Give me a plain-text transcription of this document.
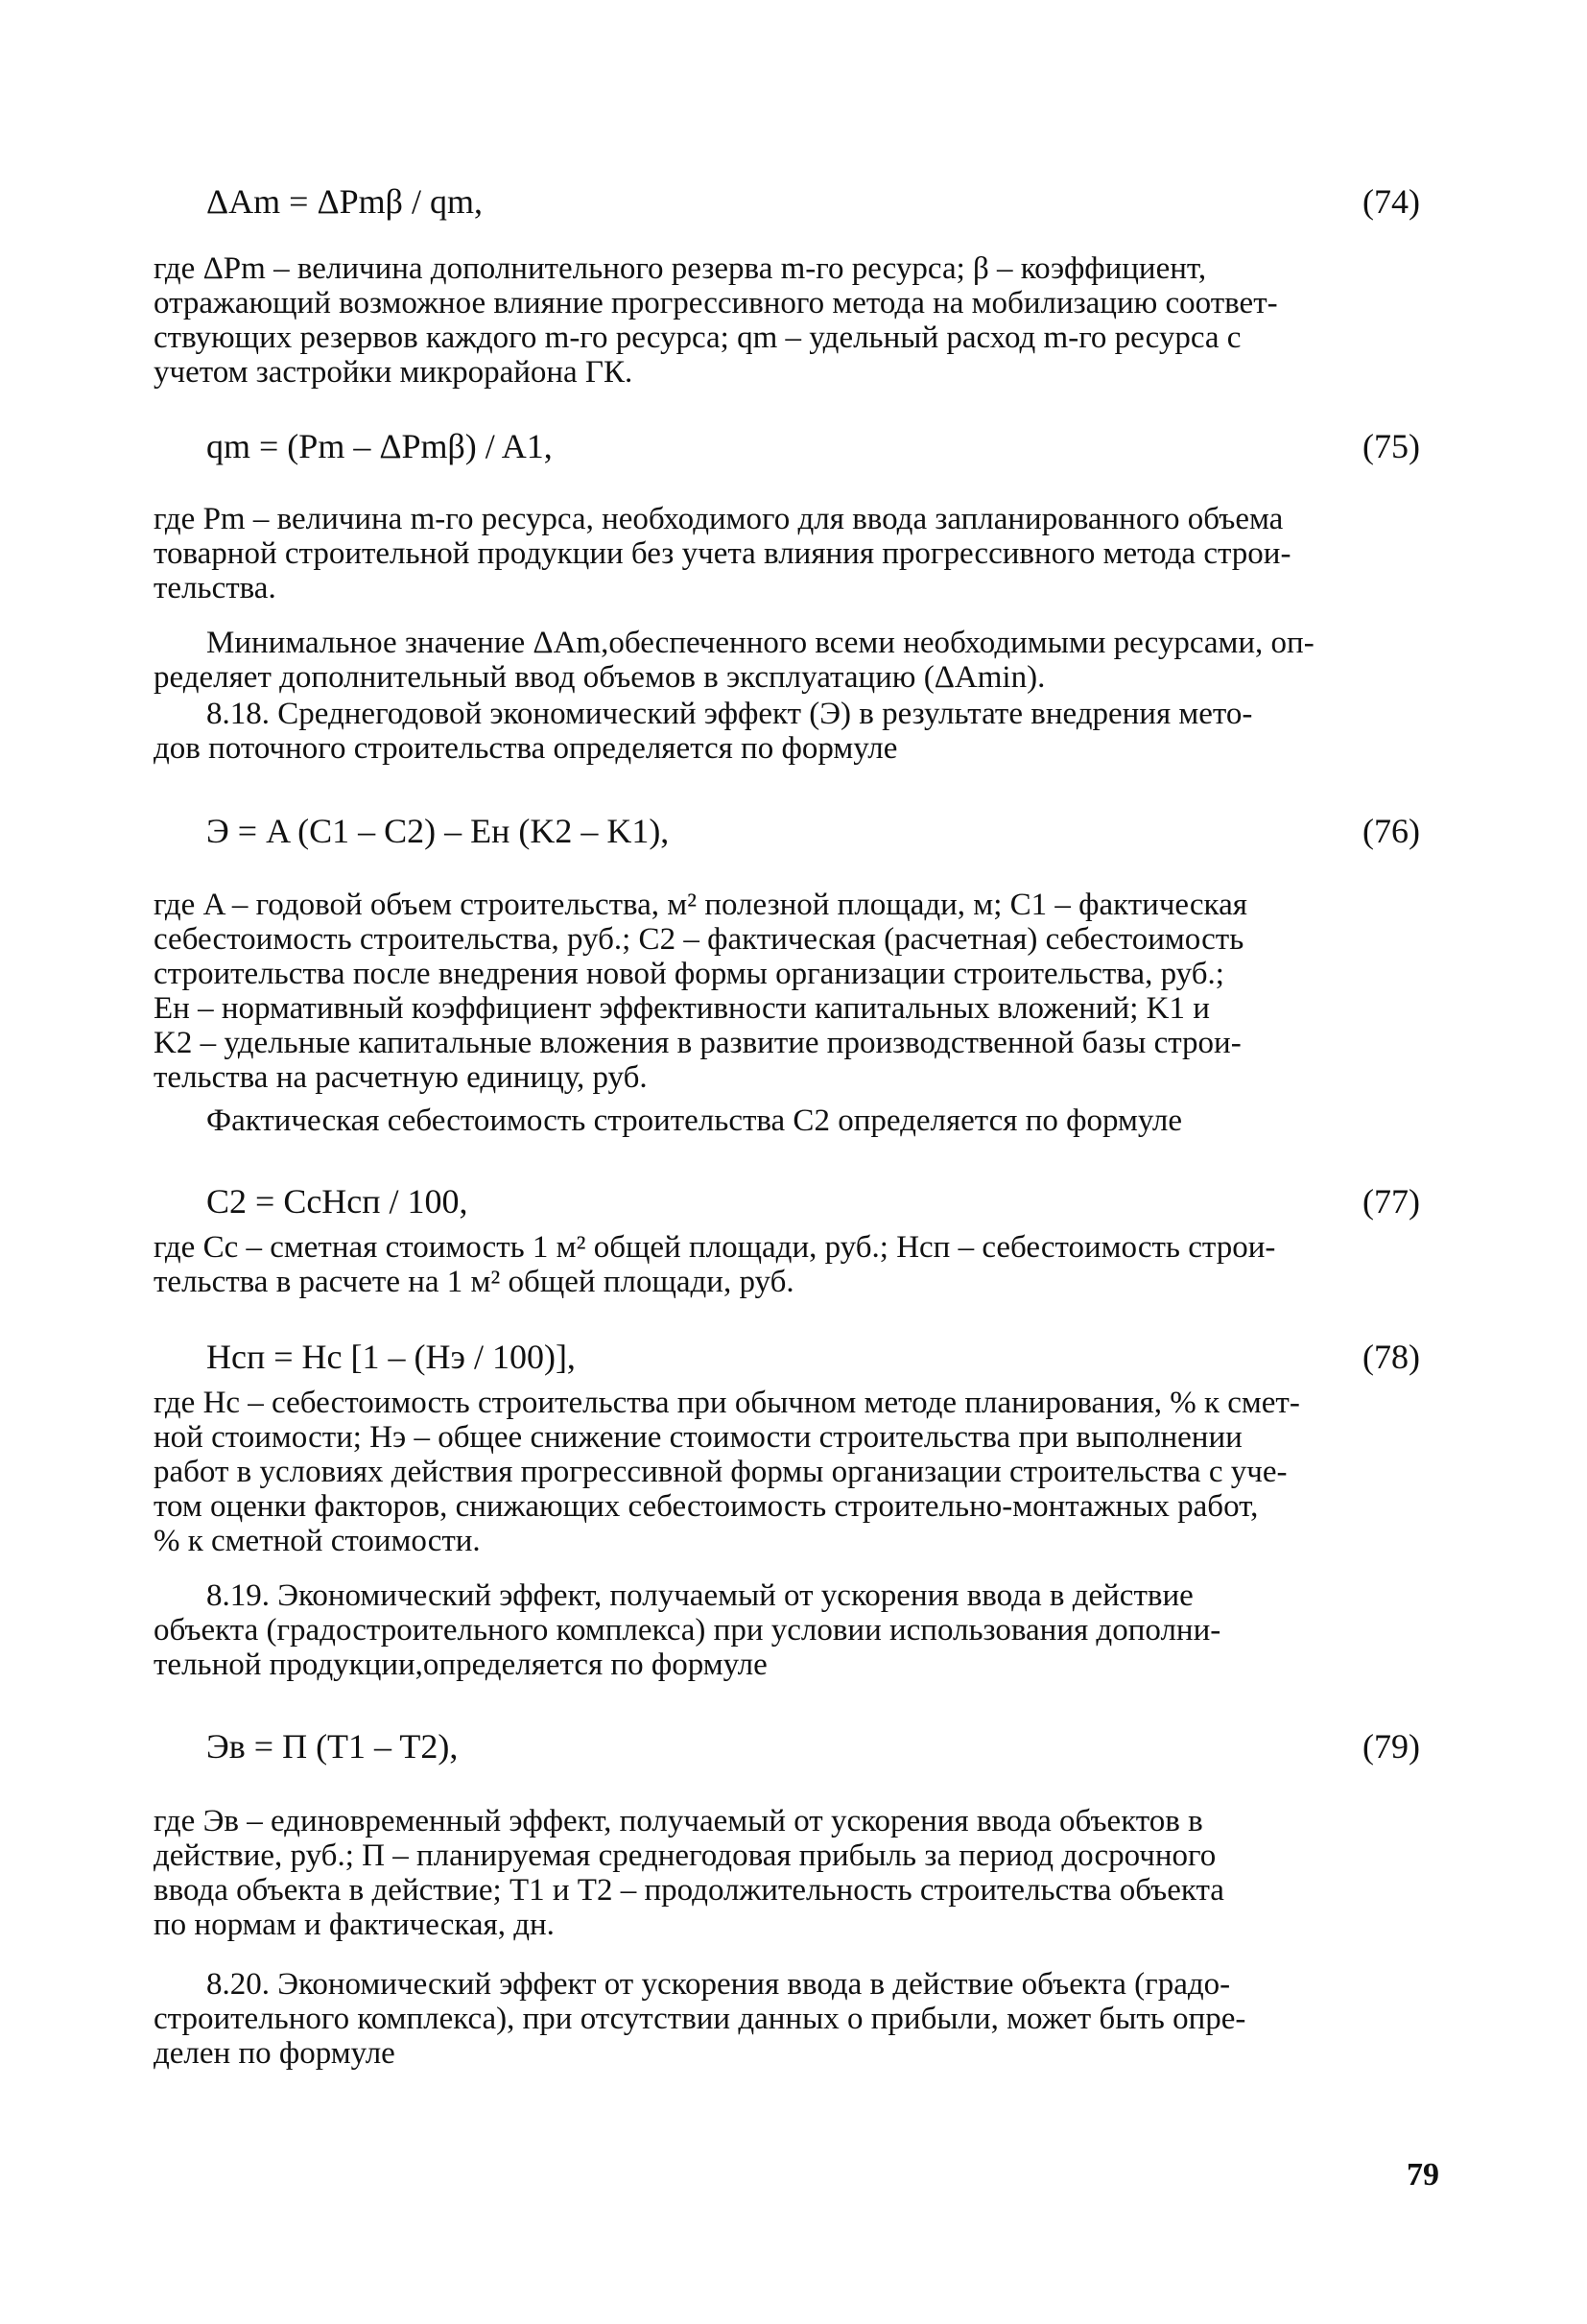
ΔAm = ΔPmβ / qm,	(74)

где ΔPm – величина дополнительного резерва m-го ресурса; β – коэффициент,
отражающий возможное влияние прогрессивного метода на мобилизацию соответ-
ствующих резервов каждого m-го ресурса; qm – удельный расход m-го ресурса с
учетом застройки микрорайона ГК.

qm = (Pm – ΔPmβ) / A1,	(75)

где Pm – величина m-го ресурса, необходимого для ввода запланированного объема
товарной строительной продукции без учета влияния прогрессивного метода строи-
тельства.

Минимальное значение ΔAm,обеспеченного всеми необходимыми ресурсами, оп-
ределяет дополнительный ввод объемов в эксплуатацию (ΔAmin).

8.18. Среднегодовой экономический эффект (Э) в результате внедрения мето-
дов поточного строительства определяется по формуле

Э = A (C1 – C2) – Eн (K2 – K1),	(76)

где A – годовой объем строительства, м² полезной площади, м; C1 – фактическая
себестоимость строительства, руб.; C2 – фактическая (расчетная) себестоимость
строительства после внедрения новой формы организации строительства, руб.;
Eн – нормативный коэффициент эффективности капитальных вложений; K1 и
K2 – удельные капитальные вложения в развитие производственной базы строи-
тельства на расчетную единицу, руб.

Фактическая себестоимость строительства C2 определяется по формуле

C2 = CсHсп / 100,	(77)

где Cс – сметная стоимость 1 м² общей площади, руб.; Hсп – себестоимость строи-
тельства в расчете на 1 м² общей площади, руб.

Hсп = Hс [1 – (Hэ / 100)],	(78)

где Hс – себестоимость строительства при обычном методе планирования, % к смет-
ной стоимости; Hэ – общее снижение стоимости строительства при выполнении
работ в условиях действия прогрессивной формы организации строительства с уче-
том оценки факторов, снижающих себестоимость строительно-монтажных работ,
% к сметной стоимости.

8.19. Экономический эффект, получаемый от ускорения ввода в действие
объекта (градостроительного комплекса) при условии использования дополни-
тельной продукции,определяется по формуле

Эв = П (T1 – T2),	(79)

где Эв – единовременный эффект, получаемый от ускорения ввода объектов в
действие, руб.; П – планируемая среднегодовая прибыль за период досрочного
ввода объекта в действие; T1 и T2 – продолжительность строительства объекта
по нормам и фактическая, дн.

8.20. Экономический эффект от ускорения ввода в действие объекта (градо-
строительного комплекса), при отсутствии данных о прибыли, может быть опре-
делен по формуле

79
